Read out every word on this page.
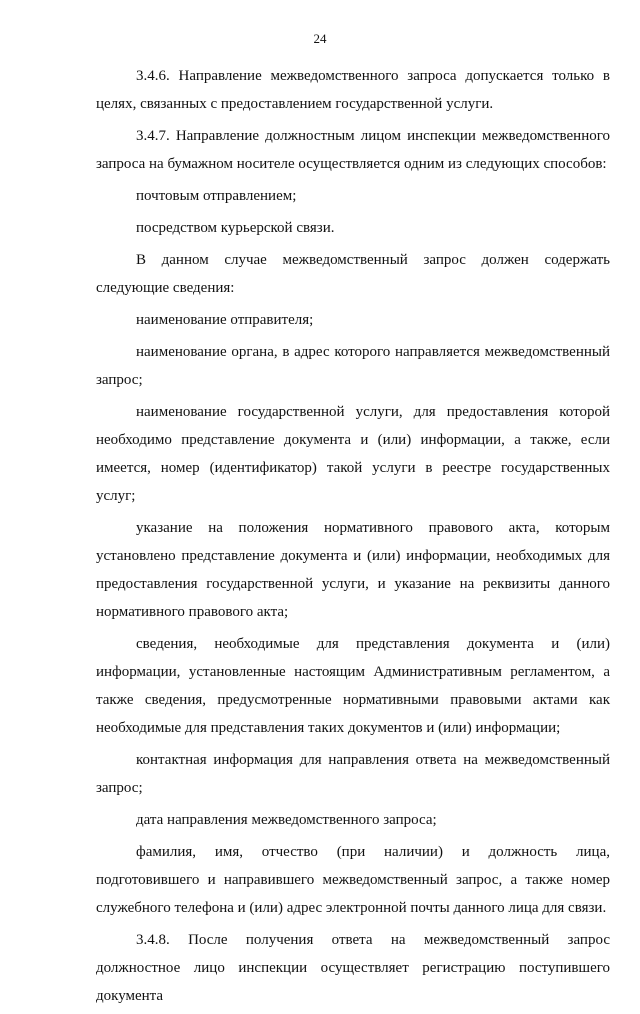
24

3.4.6. Направление межведомственного запроса допускается только в целях, связанных с предоставлением государственной услуги.

3.4.7. Направление должностным лицом инспекции межведомственного запроса на бумажном носителе осуществляется одним из следующих способов:

почтовым отправлением;

посредством курьерской связи.

В данном случае межведомственный запрос должен содержать следующие сведения:

наименование отправителя;

наименование органа, в адрес которого направляется межведомственный запрос;

наименование государственной услуги, для предоставления которой необходимо представление документа и (или) информации, а также, если имеется, номер (идентификатор) такой услуги в реестре государственных услуг;

указание на положения нормативного правового акта, которым установлено представление документа и (или) информации, необходимых для предоставления государственной услуги, и указание на реквизиты данного нормативного правового акта;

сведения, необходимые для представления документа и (или) информации, установленные настоящим Административным регламентом, а также сведения, предусмотренные нормативными правовыми актами как необходимые для представления таких документов и (или) информации;

контактная информация для направления ответа на межведомственный запрос;

дата направления межведомственного запроса;

фамилия, имя, отчество (при наличии) и должность лица, подготовившего и направившего межведомственный запрос, а также номер служебного телефона и (или) адрес электронной почты данного лица для связи.

3.4.8. После получения ответа на межведомственный запрос должностное лицо инспекции осуществляет регистрацию поступившего документа
